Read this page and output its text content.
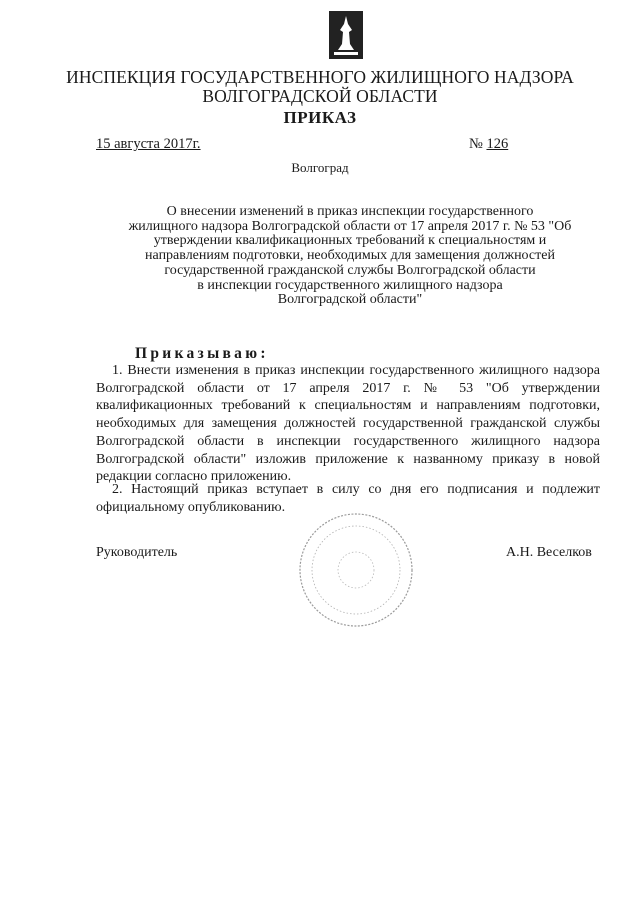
ИНСПЕКЦИЯ ГОСУДАРСТВЕННОГО ЖИЛИЩНОГО НАДЗОРА
ВОЛГОГРАДСКОЙ ОБЛАСТИ
ПРИКАЗ
15 августа 2017г.	№ 126
Волгоград
О внесении изменений в приказ инспекции государственного
жилищного надзора Волгоградской области от 17 апреля 2017 г. № 53 "Об
утверждении квалификационных требований к специальностям и
направлениям подготовки, необходимых для замещения должностей
государственной гражданской службы Волгоградской области
в инспекции государственного жилищного надзора
Волгоградской области"
Приказываю:
1. Внести изменения в приказ инспекции государственного жилищного надзора Волгоградской области от 17 апреля 2017 г. № 53 "Об утверждении квалификационных требований к специальностям и направлениям подготовки, необходимых для замещения должностей государственной гражданской службы Волгоградской области в инспекции государственного жилищного надзора Волгоградской области" изложив приложение к названному приказу в новой редакции согласно приложению.
2. Настоящий приказ вступает в силу со дня его подписания и подлежит официальному опубликованию.
Руководитель	А.Н. Веселков
